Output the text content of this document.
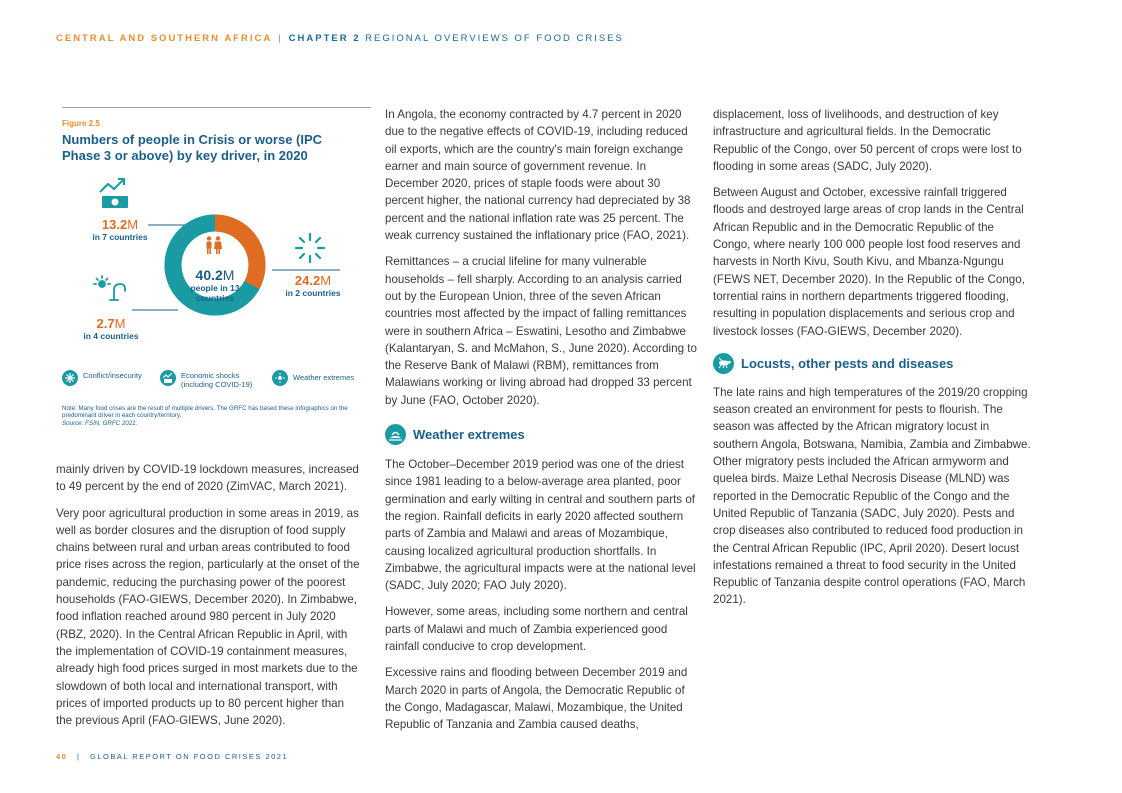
CENTRAL AND SOUTHERN AFRICA | CHAPTER 2 REGIONAL OVERVIEWS OF FOOD CRISES
Figure 2.5
Numbers of people in Crisis or worse (IPC Phase 3 or above) by key driver, in 2020
13.2M
in 7 countries
24.2M
in 2 countries
2.7M
in 4 countries
40.2M
people in 13 countries
Conflict/insecurity	Economic shocks (including COVID-19)
Weather extremes
Note: Many food crises are the result of multiple drivers. The GRFC has based these infographics on the predominant driver in each country/territory.
Source: FSIN, GRFC 2021.

mainly driven by COVID-19 lockdown measures, increased to 49 percent by the end of 2020 (ZimVAC, March 2021).

Very poor agricultural production in some areas in 2019, as well as border closures and the disruption of food supply chains between rural and urban areas contributed to food price rises across the region, particularly at the onset of the pandemic, reducing the purchasing power of the poorest households (FAO-GIEWS, December 2020). In Zimbabwe, food inflation reached around 980 percent in July 2020 (RBZ, 2020). In the Central African Republic in April, with the implementation of COVID-19 containment measures, already high food prices surged in most markets due to the slowdown of both local and international transport, with prices of imported products up to 80 percent higher than the previous April (FAO-GIEWS, June 2020).

In Angola, the economy contracted by 4.7 percent in 2020 due to the negative effects of COVID-19, including reduced oil exports, which are the country's main foreign exchange earner and main source of government revenue. In December 2020, prices of staple foods were about 30 percent higher, the national currency had depreciated by 38 percent and the national inflation rate was 25 percent. The weak currency sustained the inflationary price (FAO, 2021).

Remittances – a crucial lifeline for many vulnerable households – fell sharply. According to an analysis carried out by the European Union, three of the seven African countries most affected by the impact of falling remittances were in southern Africa – Eswatini, Lesotho and Zimbabwe (Kalantaryan, S. and McMahon, S., June 2020). According to the Reserve Bank of Malawi (RBM), remittances from Malawians working or living abroad had dropped 33 percent by June (FAO, October 2020).

Weather extremes

The October–December 2019 period was one of the driest since 1981 leading to a below-average area planted, poor germination and early wilting in central and southern parts of the region. Rainfall deficits in early 2020 affected southern parts of Zambia and Malawi and areas of Mozambique, causing localized agricultural production shortfalls. In Zimbabwe, the agricultural impacts were at the national level (SADC, July 2020; FAO July 2020).

However, some areas, including some northern and central parts of Malawi and much of Zambia experienced good rainfall conducive to crop development.

Excessive rains and flooding between December 2019 and March 2020 in parts of Angola, the Democratic Republic of the Congo, Madagascar, Malawi, Mozambique, the United Republic of Tanzania and Zambia caused deaths,

displacement, loss of livelihoods, and destruction of key infrastructure and agricultural fields. In the Democratic Republic of the Congo, over 50 percent of crops were lost to flooding in some areas (SADC, July 2020).

Between August and October, excessive rainfall triggered floods and destroyed large areas of crop lands in the Central African Republic and in the Democratic Republic of the Congo, where nearly 100 000 people lost food reserves and harvests in North Kivu, South Kivu, and Mbanza-Ngungu (FEWS NET, December 2020). In the Republic of the Congo, torrential rains in northern departments triggered flooding, resulting in population displacements and serious crop and livestock losses (FAO-GIEWS, December 2020).

Locusts, other pests and diseases

The late rains and high temperatures of the 2019/20 cropping season created an environment for pests to flourish. The season was affected by the African migratory locust in southern Angola, Botswana, Namibia, Zambia and Zimbabwe. Other migratory pests included the African armyworm and quelea birds. Maize Lethal Necrosis Disease (MLND) was reported in the Democratic Republic of the Congo and the United Republic of Tanzania (SADC, July 2020). Pests and crop diseases also contributed to reduced food production in the Central African Republic (IPC, April 2020). Desert locust infestations remained a threat to food security in the United Republic of Tanzania despite control operations (FAO, March 2021).

40 | GLOBAL REPORT ON FOOD CRISES 2021
